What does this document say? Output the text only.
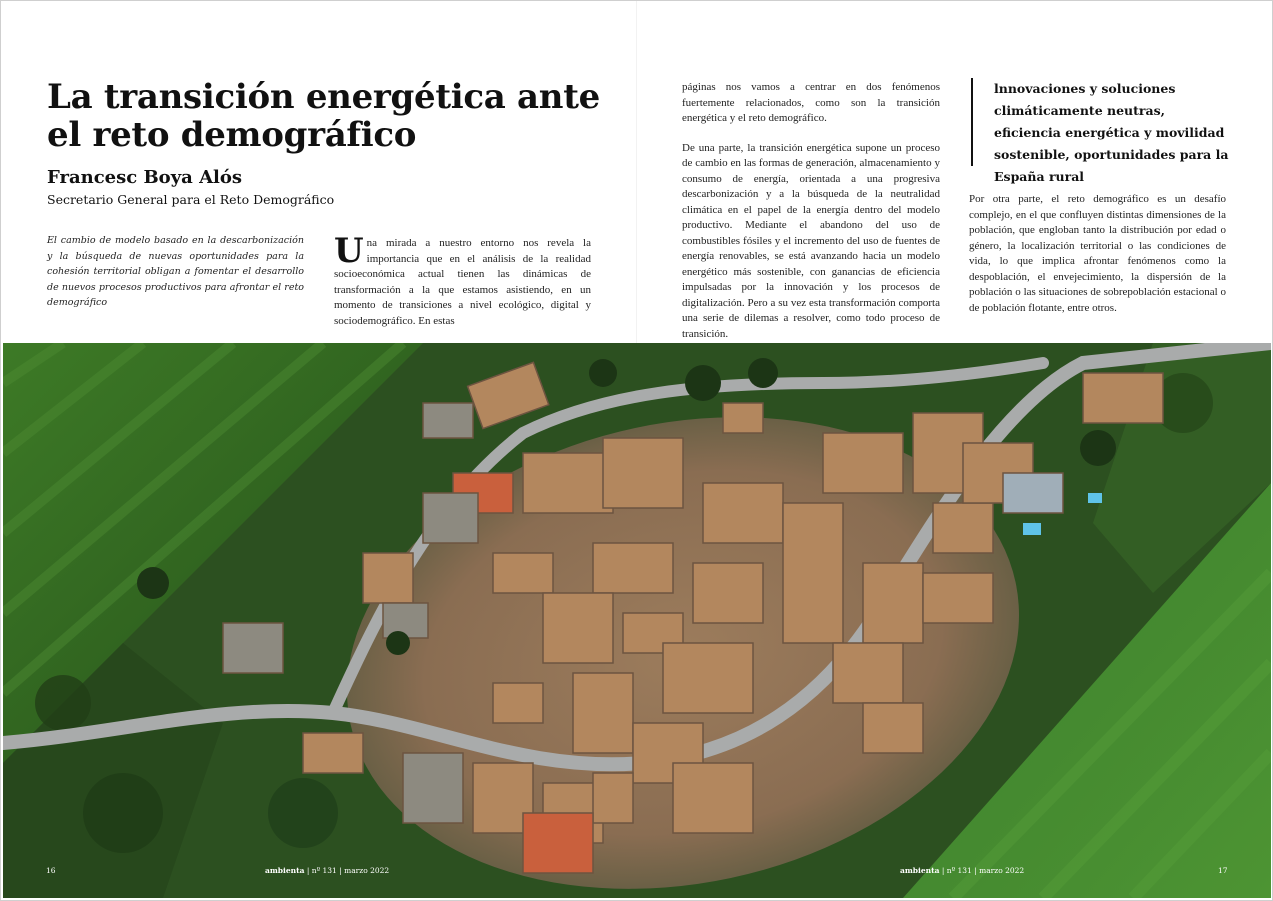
La transición energética ante el reto demográfico

Francesc Boya Alós

Secretario General para el Reto Demográfico

El cambio de modelo basado en la descarbonización y la búsqueda de nuevas oportunidades para la cohesión territorial obligan a fomentar el desarrollo de nuevos procesos productivos para afrontar el reto demográfico

U na mirada a nuestro entorno nos revela la importancia que en el análisis de la realidad socioeconómica actual tienen las dinámicas de transformación a la que estamos asistiendo, en un momento de transiciones a nivel ecológico, digital y sociodemográfico. En estas

páginas nos vamos a centrar en dos fenómenos fuertemente relacionados, como son la transición energética y el reto demográfico.

De una parte, la transición energética supone un proceso de cambio en las formas de generación, almacenamiento y consumo de energía, orientada a una progresiva descarbonización y a la búsqueda de la neutralidad climática en el papel de la energía dentro del modelo productivo. Mediante el abandono del uso de combustibles fósiles y el incremento del uso de fuentes de energía renovables, se está avanzando hacia un modelo energético más sostenible, con ganancias de eficiencia impulsadas por la innovación y los procesos de digitalización. Pero a su vez esta transformación comporta una serie de dilemas a resolver, como todo proceso de transición.

lnnovaciones y soluciones climáticamente neutras, eficiencia energética y movilidad sostenible, oportunidades para la España rural

Por otra parte, el reto demográfico es un desafío complejo, en el que confluyen distintas dimensiones de la población, que engloban tanto la distribución por edad o género, la localización territorial o las condiciones de vida, lo que implica afrontar fenómenos como la despoblación, el envejecimiento, la dispersión de la población o las situaciones de sobrepoblación estacional o de población flotante, entre otros.

16	ambienta | nº 131 | marzo 2022	ambienta | nº 131 | marzo 2022	17
